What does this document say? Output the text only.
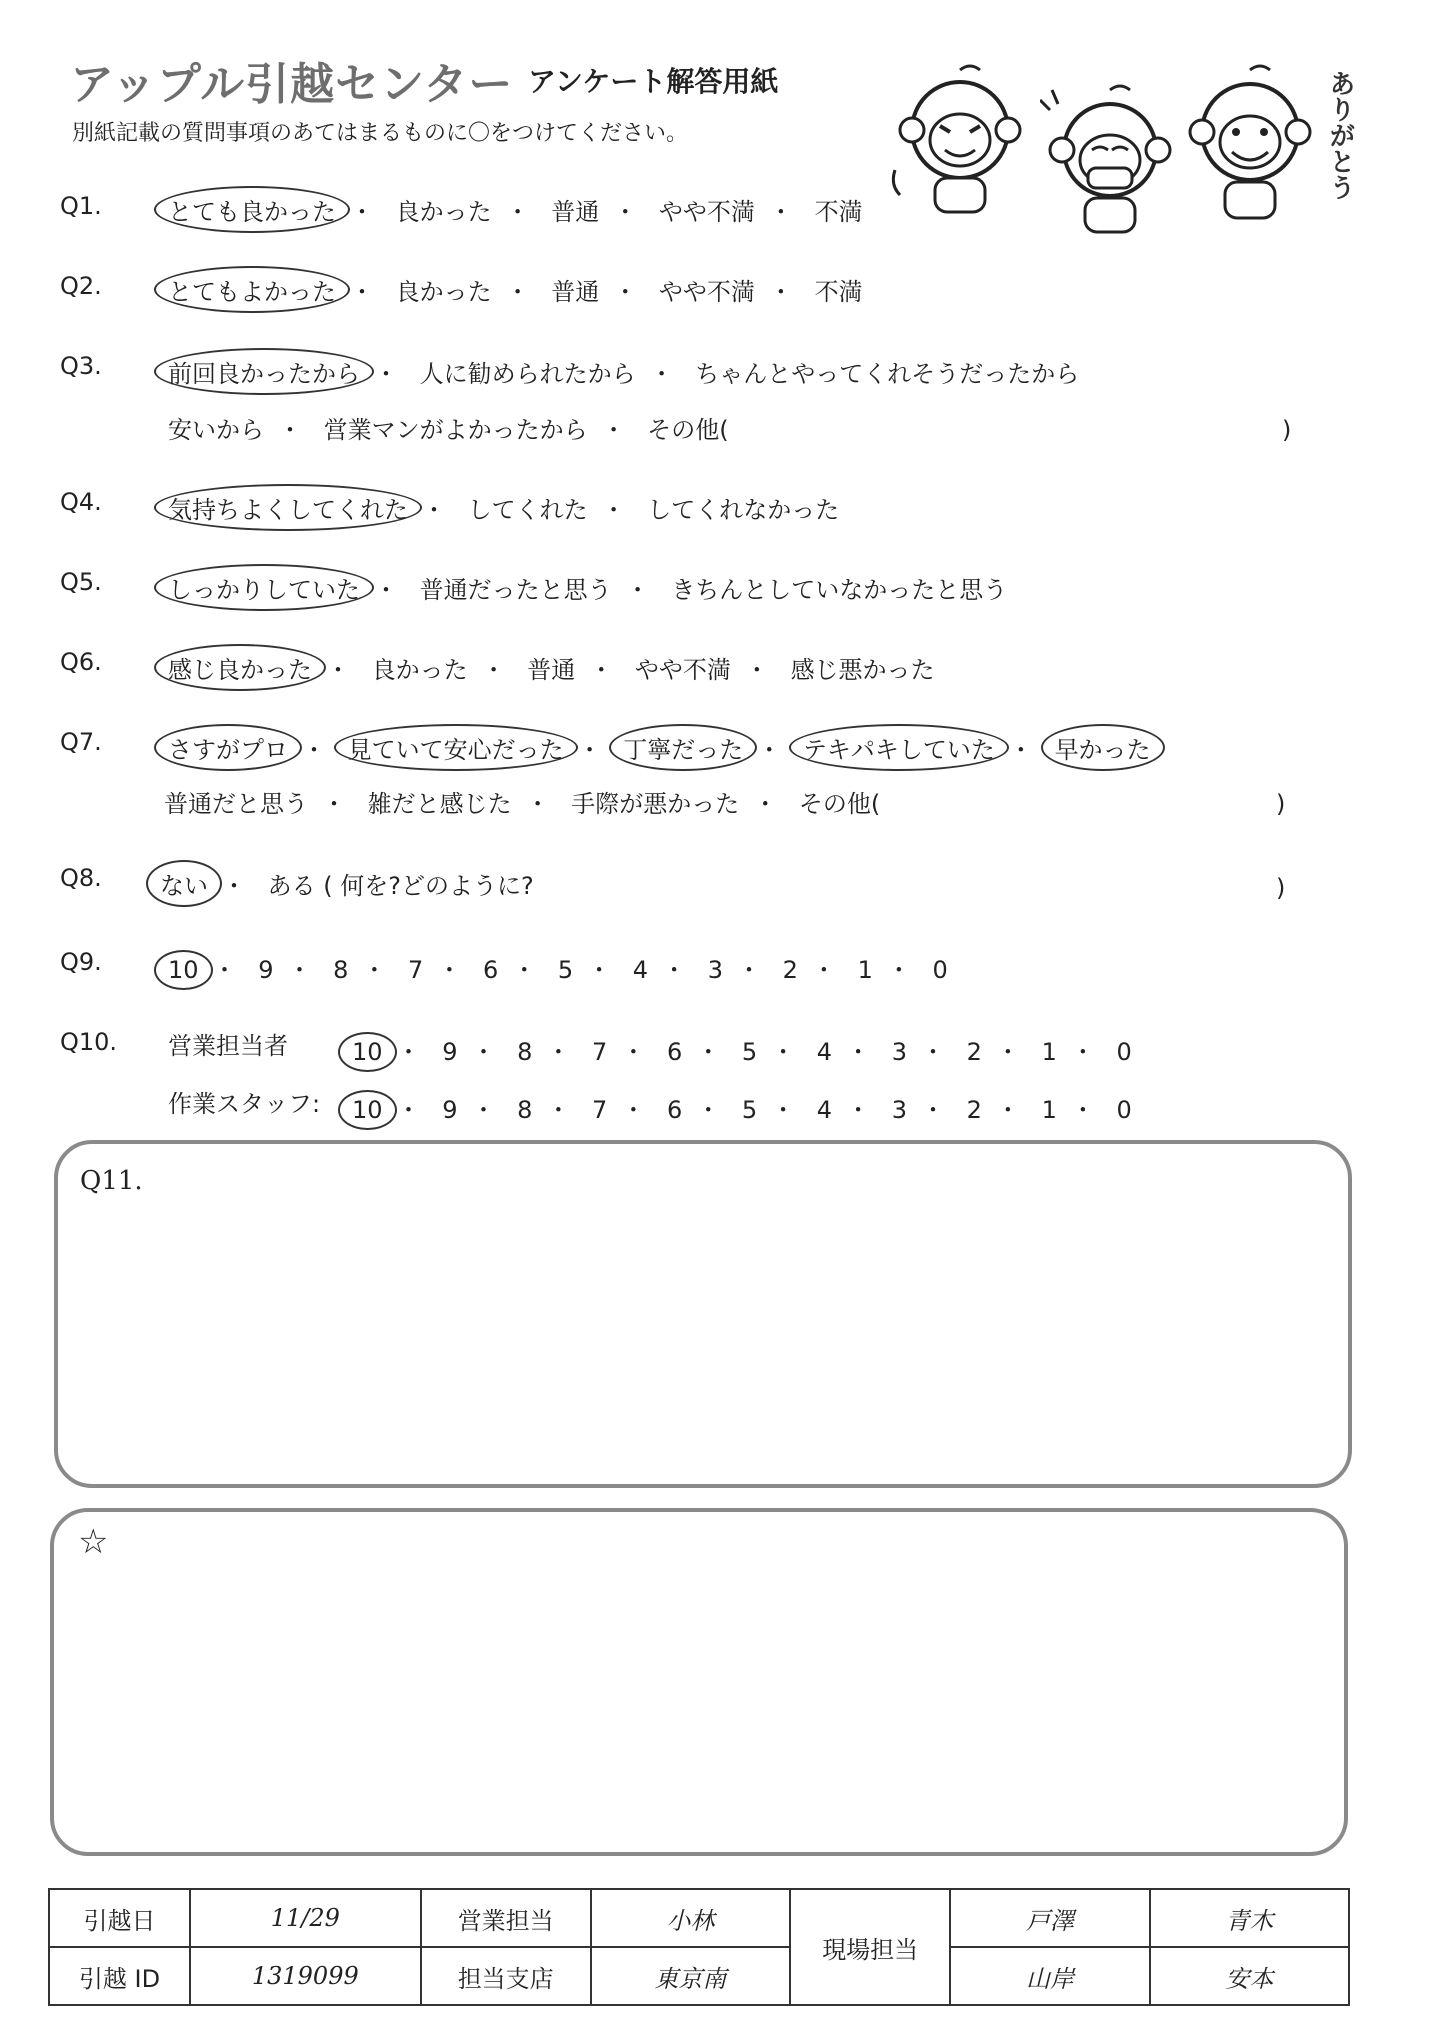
アップル引越センター アンケート解答用紙
別紙記載の質問事項のあてはまるものに〇をつけてください。	ありがとう
Q1.	とても良かった ・ 良かった ・ 普通 ・ やや不満 ・ 不満
Q2.	とてもよかった ・ 良かった ・ 普通 ・ やや不満 ・ 不満
Q3.	前回良かったから ・ 人に勧められたから ・ ちゃんとやってくれそうだったから
安いから ・ 営業マンがよかったから ・ その他(	)
Q4.	気持ちよくしてくれた ・ してくれた ・ してくれなかった
Q5.	しっかりしていた ・ 普通だったと思う ・ きちんとしていなかったと思う
Q6.	感じ良かった ・ 良かった ・ 普通 ・ やや不満 ・ 感じ悪かった
Q7.	さすがプロ ・ 見ていて安心だった ・ 丁寧だった ・ テキパキしていた ・ 早かった
普通だと思う ・ 雑だと感じた ・ 手際が悪かった ・ その他(	)
Q8. ない ・ ある ( 何を?どのように?	)
Q9.	10 ・ 9 ・ 8 ・ 7 ・ 6 ・ 5 ・ 4 ・ 3 ・ 2 ・ 1 ・ 0
Q10. 営業担当者	10 ・ 9 ・ 8 ・ 7 ・ 6 ・ 5 ・ 4 ・ 3 ・ 2 ・ 1 ・ 0
作業スタッフ: 10 ・ 9 ・ 8 ・ 7 ・ 6 ・ 5 ・ 4 ・ 3 ・ 2 ・ 1 ・ 0
Q11.
☆
引越日	11/29	営業担当	小林	現場担当	戸澤	青木
引越 ID	1319099	担当支店	東京南		山岸	安本
